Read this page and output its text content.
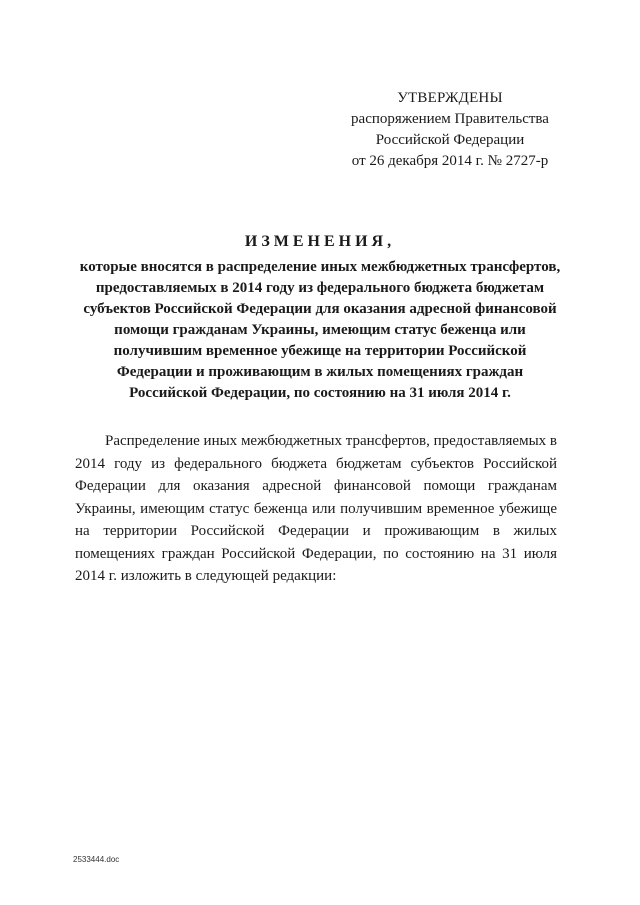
УТВЕРЖДЕНЫ
распоряжением Правительства
Российской Федерации
от 26 декабря 2014 г. № 2727-р
ИЗМЕНЕНИЯ,
которые вносятся в распределение иных межбюджетных трансфертов,
предоставляемых в 2014 году из федерального бюджета бюджетам
субъектов Российской Федерации для оказания адресной финансовой
помощи гражданам Украины, имеющим статус беженца или
получившим временное убежище на территории Российской
Федерации и проживающим в жилых помещениях граждан
Российской Федерации, по состоянию на 31 июля 2014 г.

Распределение иных межбюджетных трансфертов, предоставляемых в 2014 году из федерального бюджета бюджетам субъектов Российской Федерации для оказания адресной финансовой помощи гражданам Украины, имеющим статус беженца или получившим временное убежище на территории Российской Федерации и проживающим в жилых помещениях граждан Российской Федерации, по состоянию на 31 июля 2014 г. изложить в следующей редакции:

2533444.doc
